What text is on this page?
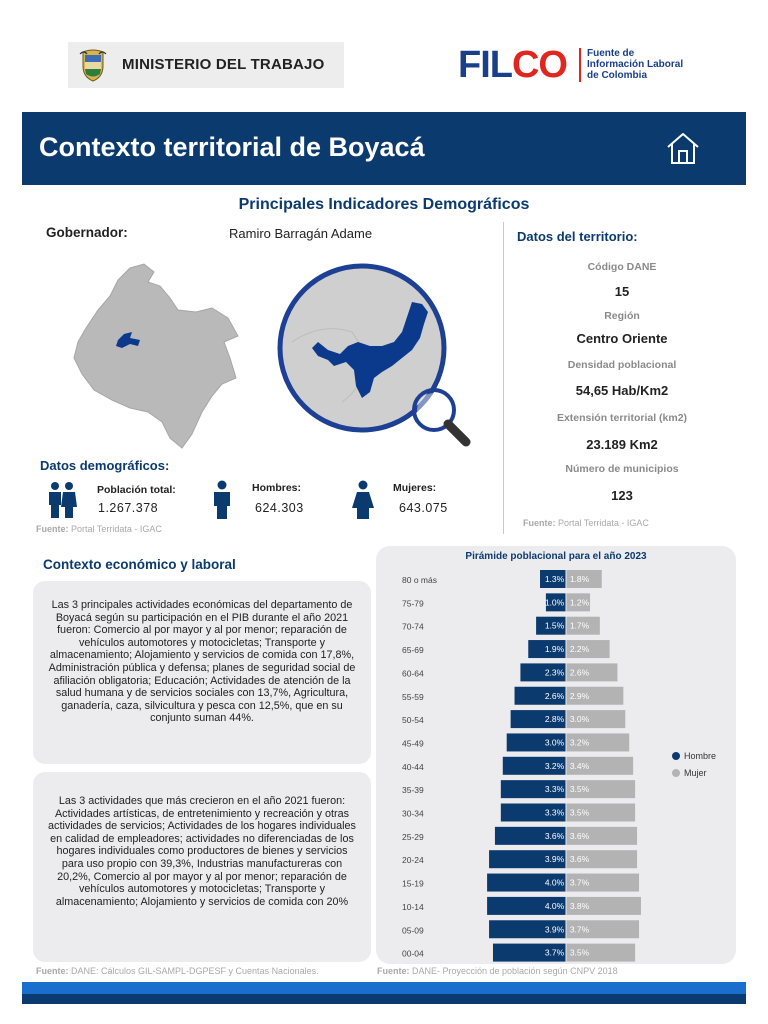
MINISTERIO DEL TRABAJO	FILCO Fuente de Información Laboral de Colombia
Contexto territorial de Boyacá
Principales Indicadores Demográficos
Gobernador:	Ramiro Barragán Adame
Datos demográficos:
Población total:
1.267.378
Hombres:
624.303
Mujeres:
643.075
Fuente: Portal Terridata - IGAC
Datos del territorio:
Código DANE
15
Región
Centro Oriente
Densidad poblacional
54,65 Hab/Km2
Extensión territorial (km2)
23.189 Km2
Número de municipios
123
Fuente: Portal Terridata - IGAC
Contexto económico y laboral
Las 3 principales actividades económicas del departamento de Boyacá según su participación en el PIB durante el año 2021 fueron: Comercio al por mayor y al por menor; reparación de vehículos automotores y motocicletas; Transporte y almacenamiento; Alojamiento y servicios de comida con 17,8%, Administración pública y defensa; planes de seguridad social de afiliación obligatoria; Educación; Actividades de atención de la salud humana y de servicios sociales con 13,7%, Agricultura, ganadería, caza, silvicultura y pesca con 12,5%, que en su conjunto suman 44%.
Las 3 actividades que más crecieron en el año 2021 fueron: Actividades artísticas, de entretenimiento y recreación y otras actividades de servicios; Actividades de los hogares individuales en calidad de empleadores; actividades no diferenciadas de los hogares individuales como productores de bienes y servicios para uso propio con 39,3%, Industrias manufactureras con 20,2%, Comercio al por mayor y al por menor; reparación de vehículos automotores y motocicletas; Transporte y almacenamiento; Alojamiento y servicios de comida con 20%
Fuente: DANE: Cálculos GIL-SAMPL-DGPESF y Cuentas Nacionales.
Pirámide poblacional para el año 2023
80 o más	1.3% 1.8%
75-79	1.0% 1.2%
70-74	1.5% 1.7%
65-69	1.9% 2.2%
60-64	2.3% 2.6%
55-59	2.6% 2.9%
50-54	2.8% 3.0%
45-49	3.0% 3.2%
40-44	3.2% 3.4%
35-39	3.3% 3.5%
30-34	3.3% 3.5%
25-29	3.6% 3.6%
20-24	3.9% 3.6%
15-19	4.0% 3.7%
10-14	4.0% 3.8%
05-09	3.9% 3.7%
00-04	3.7% 3.5%
Hombre
Mujer
Fuente: DANE- Proyección de población según CNPV 2018
